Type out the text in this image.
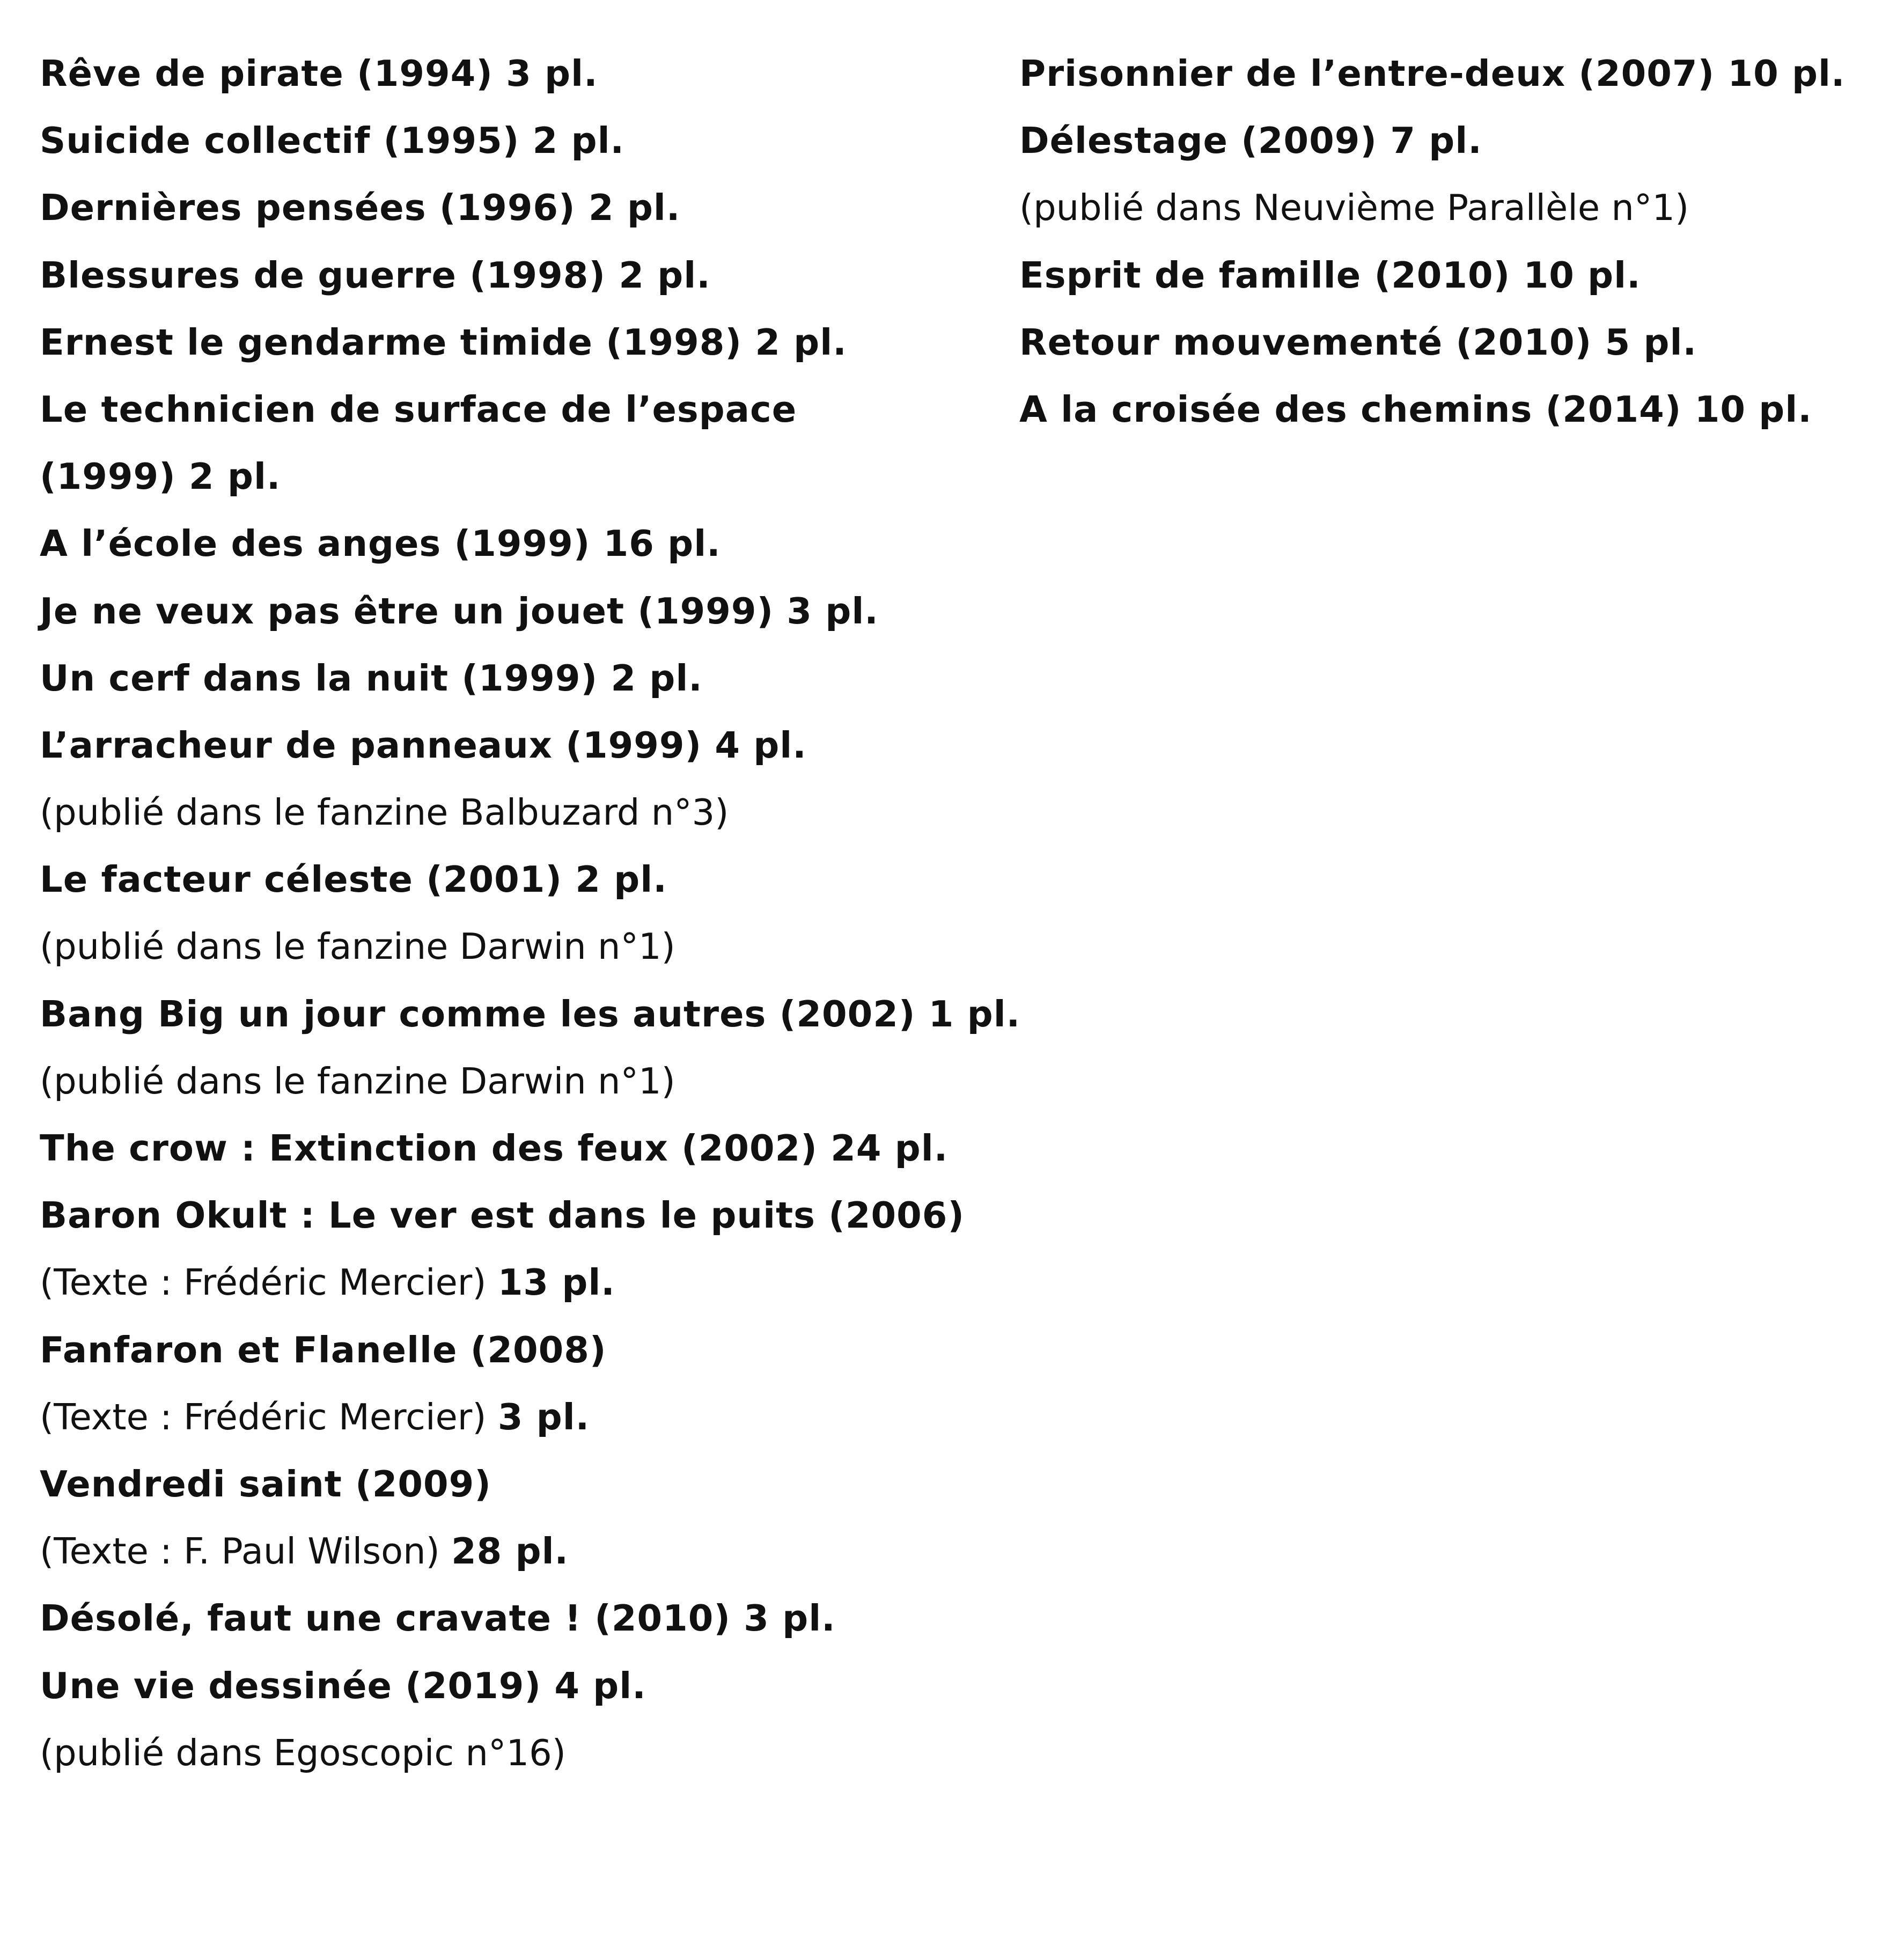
Rêve de pirate (1994) 3 pl.
Suicide collectif (1995) 2 pl.
Dernières pensées (1996) 2 pl.
Blessures de guerre (1998) 2 pl.
Ernest le gendarme timide (1998) 2 pl.
Le technicien de surface de l’espace
(1999) 2 pl.
A l’école des anges (1999) 16 pl.
Je ne veux pas être un jouet (1999) 3 pl.
Un cerf dans la nuit (1999) 2 pl.
L’arracheur de panneaux (1999) 4 pl.
(publié dans le fanzine Balbuzard n°3)
Le facteur céleste (2001) 2 pl.
(publié dans le fanzine Darwin n°1)
Bang Big un jour comme les autres (2002) 1 pl.
(publié dans le fanzine Darwin n°1)
The crow : Extinction des feux (2002) 24 pl.
Baron Okult : Le ver est dans le puits (2006)
(Texte : Frédéric Mercier) 13 pl.
Fanfaron et Flanelle (2008)
(Texte : Frédéric Mercier) 3 pl.
Vendredi saint (2009)
(Texte : F. Paul Wilson) 28 pl.
Désolé, faut une cravate ! (2010) 3 pl.
Une vie dessinée (2019) 4 pl.
(publié dans Egoscopic n°16)
Prisonnier de l’entre-deux (2007) 10 pl.
Délestage (2009) 7 pl.
(publié dans Neuvième Parallèle n°1)
Esprit de famille (2010) 10 pl.
Retour mouvementé (2010) 5 pl.
A la croisée des chemins (2014) 10 pl.
